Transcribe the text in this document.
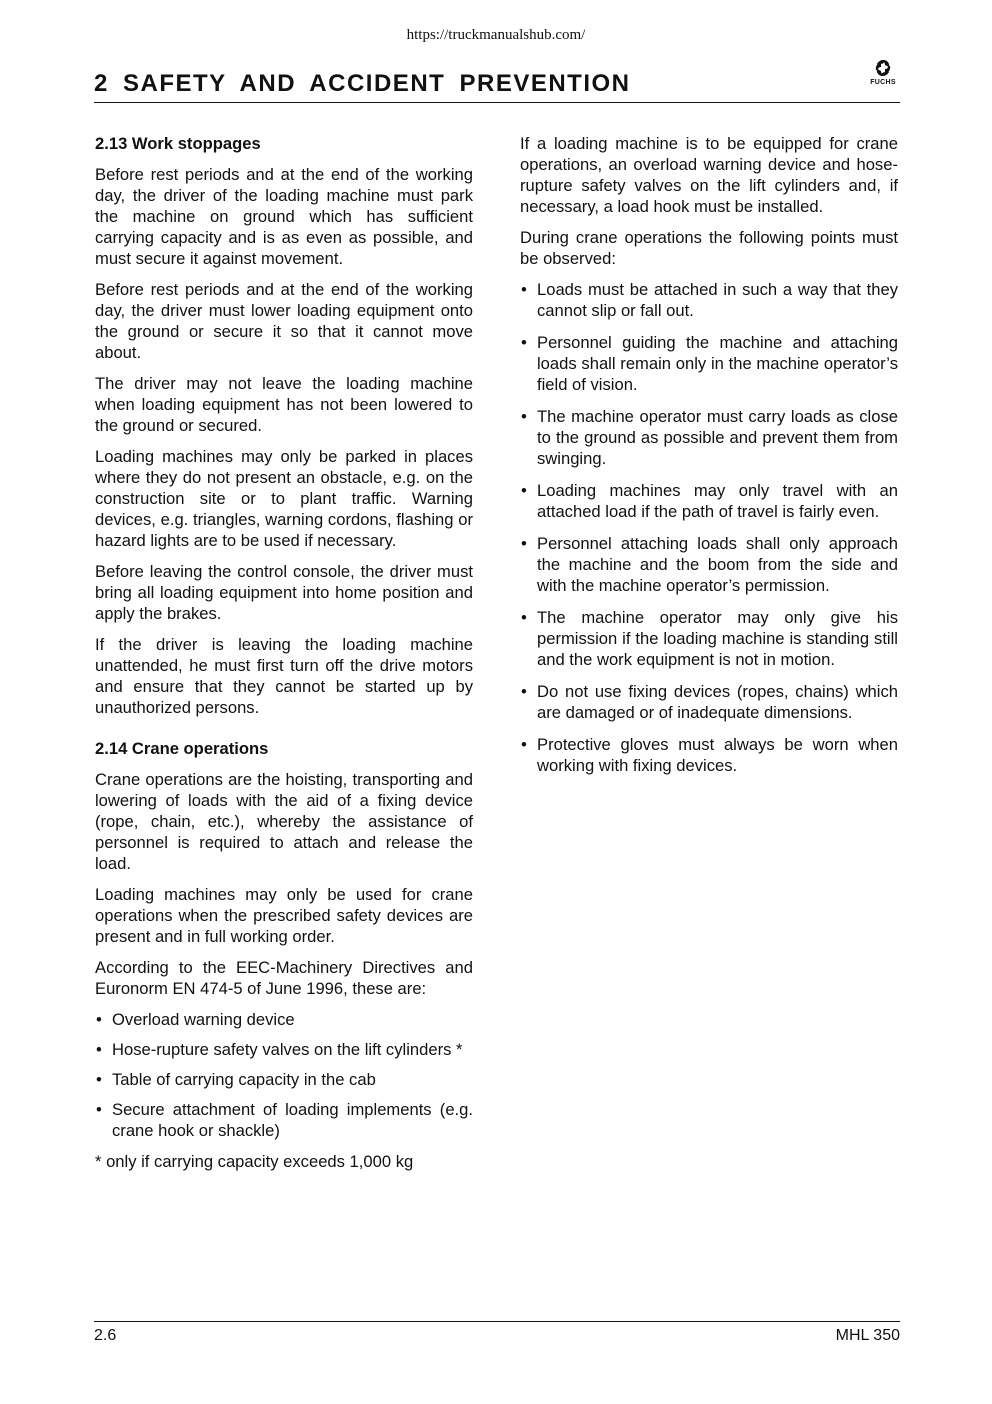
https://truckmanualshub.com/
2 SAFETY AND ACCIDENT PREVENTION	FUCHS
2.13 Work stoppages

Before rest periods and at the end of the working day, the driver of the loading machine must park the machine on ground which has sufficient carrying capacity and is as even as possible, and must secure it against movement.

Before rest periods and at the end of the working day, the driver must lower loading equipment onto the ground or secure it so that it cannot move about.

The driver may not leave the loading machine when loading equipment has not been lowered to the ground or secured.

Loading machines may only be parked in places where they do not present an obstacle, e.g. on the construction site or to plant traffic. Warning devices, e.g. triangles, warning cordons, flashing or hazard lights are to be used if necessary.

Before leaving the control console, the driver must bring all loading equipment into home position and apply the brakes.

If the driver is leaving the loading machine unattended, he must first turn off the drive motors and ensure that they cannot be started up by unauthorized persons.

2.14 Crane operations

Crane operations are the hoisting, transporting and lowering of loads with the aid of a fixing device (rope, chain, etc.), whereby the assistance of personnel is required to attach and release the load.

Loading machines may only be used for crane operations when the prescribed safety devices are present and in full working order.

According to the EEC-Machinery Directives and Euronorm EN 474-5 of June 1996, these are:

• Overload warning device
• Hose-rupture safety valves on the lift cylinders *
• Table of carrying capacity in the cab
• Secure attachment of loading implements (e.g. crane hook or shackle)

* only if carrying capacity exceeds 1,000 kg

If a loading machine is to be equipped for crane operations, an overload warning device and hose-rupture safety valves on the lift cylinders and, if necessary, a load hook must be installed.

During crane operations the following points must be observed:

• Loads must be attached in such a way that they cannot slip or fall out.
• Personnel guiding the machine and attaching loads shall remain only in the machine operator’s field of vision.
• The machine operator must carry loads as close to the ground as possible and prevent them from swinging.
• Loading machines may only travel with an attached load if the path of travel is fairly even.
• Personnel attaching loads shall only approach the machine and the boom from the side and with the machine operator’s permission.
• The machine operator may only give his permission if the loading machine is standing still and the work equipment is not in motion.
• Do not use fixing devices (ropes, chains) which are damaged or of inadequate dimensions.
• Protective gloves must always be worn when working with fixing devices.
2.6	MHL 350
